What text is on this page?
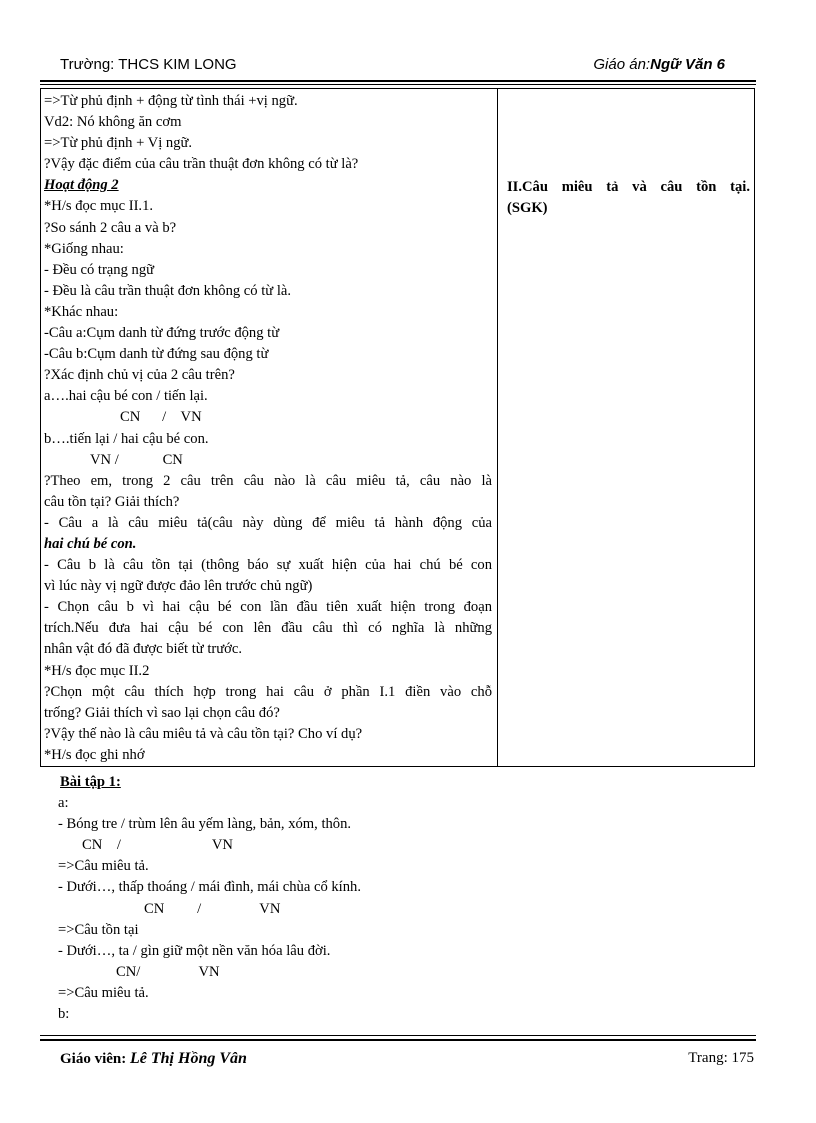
Trường: THCS KIM LONG	Giáo án:Ngữ Văn 6
=>Từ phủ định + động từ tình thái +vị ngữ.
Vd2: Nó không ăn cơm
=>Từ phủ định + Vị ngữ.
?Vậy đặc điểm của câu trần thuật đơn không có từ là?
Hoạt động 2
*H/s đọc mục II.1.
?So sánh 2 câu a và b?
*Giống nhau:
- Đều có trạng ngữ
- Đều là câu trần thuật đơn không có từ là.
*Khác nhau:
-Câu a:Cụm danh từ đứng trước động từ
-Câu b:Cụm danh từ đứng sau động từ
?Xác định chủ vị của 2 câu trên?
a….hai cậu bé con / tiến lại.
CN      /    VN
b….tiến lại / hai cậu bé con.
VN /            CN
?Theo em, trong 2 câu trên câu nào là câu miêu tả, câu nào là
câu tồn tại? Giải thích?
- Câu a là câu miêu tả(câu này dùng để miêu tả hành động của
hai chú bé con.
- Câu b là câu tồn tại (thông báo sự xuất hiện của hai chú bé con
vì lúc này vị ngữ được đảo lên trước chủ ngữ)
- Chọn câu b vì hai cậu bé con lần đầu tiên xuất hiện trong đoạn
trích.Nếu đưa hai cậu bé con lên đầu câu thì có nghĩa là những
nhân vật đó đã được biết từ trước.
*H/s đọc mục II.2
?Chọn một câu thích hợp trong hai câu ở phần I.1 điền vào chỗ
trống? Giải thích vì sao lại chọn câu đó?
?Vậy thế nào là câu miêu tả và câu tồn tại? Cho ví dụ?
*H/s đọc ghi nhớ
II.Câu miêu tả và câu tồn tại.
(SGK)
Bài tập 1:
a:
- Bóng tre / trùm lên âu yếm làng, bản, xóm, thôn.
CN    /                         VN
=>Câu miêu tả.
- Dưới…, thấp thoáng / mái đình, mái chùa cổ kính.
CN         /                VN
=>Câu tồn tại
- Dưới…, ta / gìn giữ một nền văn hóa lâu đời.
CN/                VN
=>Câu miêu tả.
b:
Giáo viên: Lê Thị Hồng Vân	Trang: 175
